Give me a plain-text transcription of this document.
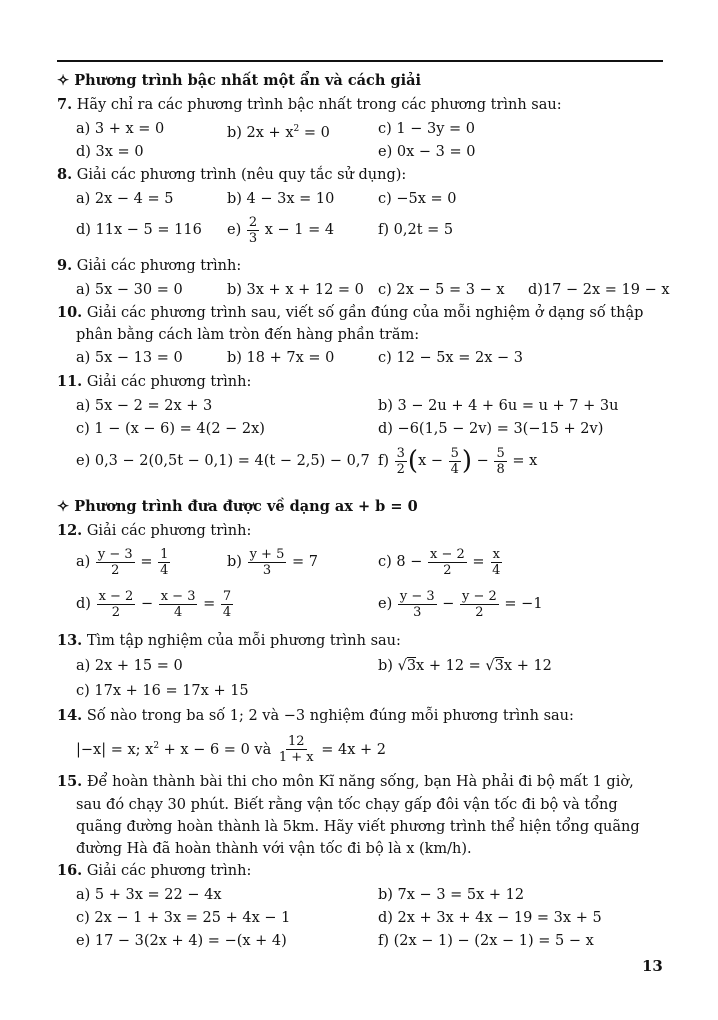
✧ Phương trình bậc nhất một ẩn và cách giải
7. Hãy chỉ ra các phương trình bậc nhất trong các phương trình sau:
a) 3 + x = 0	b) $2x + x^2 = 0$	c) 1 − 3y = 0
d) 3x = 0	e) 0x − 3 = 0
8. Giải các phương trình (nêu quy tắc sử dụng):
a) 2x − 4 = 5	b) 4 − 3x = 10	c) −5x = 0
d) 11x − 5 = 116 $e) \frac{2}{3}$ x − 1 = 4	f) 0,2t = 5
9. Giải các phương trình:
a) 5x − 30 = 0	b) 3x + x + 12 = 0 c) 2x − 5 = 3 − x d)17 − 2x = 19 − x
10. Giải các phương trình sau, viết số gần đúng của mỗi nghiệm ở dạng số thập
phân bằng cách làm tròn đến hàng phần trăm:
a) 5x − 13 = 0	b) 18 + 7x = 0	c) 12 − 5x = 2x − 3
11. Giải các phương trình:
a) 5x − 2 = 2x + 3	b) 3 − 2u + 4 + 6u = u + 7 + 3u
c) 1 − (x − 6) = 4(2 − 2x)	d) −6(1,5 − 2v) = 3(−15 + 2v)
e) 0,3 − 2(0,5t − 0,1) = 4(t − 2,5) − 0,7 $f) \frac{3}{2} (x - \frac{5}{4}$ ) − $\frac{5}{8} = x$
✧ Phương trình đưa được về dạng ax + b = 0
12. Giải các phương trình:
$a) \frac{y - 3}{2} = \frac{1}{4}$	$b) \frac{y + 5}{3} = 7$	c) $8 - \frac{x - 2}{2} = \frac{x}{4}$
$d) \frac{x - 2}{2} - \frac{x - 3}{4} = \frac{7}{4}$	$e) \frac{y - 3}{3} - \frac{y - 2}{2} = -1$
13. Tìm tập nghiệm của mỗi phương trình sau:
a) 2x + 15 = 0	b) √3x + 12 = √3x + 12
c) 17x + 16 = 17x + 15
14. Số nào trong ba số 1; 2 và −3 nghiệm đúng mỗi phương trình sau:
|−x| = x; $x^2 + x - 6 = 0$ và $\frac{12}{1 + x} = 4x + 2$
15. Để hoàn thành bài thi cho môn Kĩ năng sống, bạn Hà phải đi bộ mất 1 giờ,
sau đó chạy 30 phút. Biết rằng vận tốc chạy gấp đôi vận tốc đi bộ và tổng
quãng đường hoàn thành là 5km. Hãy viết phương trình thể hiện tổng quãng
đường Hà đã hoàn thành với vận tốc đi bộ là x (km/h).
16. Giải các phương trình:
a) 5 + 3x = 22 − 4x	b) 7x − 3 = 5x + 12
c) 2x − 1 + 3x = 25 + 4x − 1	d) 2x + 3x + 4x − 19 = 3x + 5
e) 17 − 3(2x + 4) = −(x + 4)	f) (2x − 1) − (2x − 1) = 5 − x
13
